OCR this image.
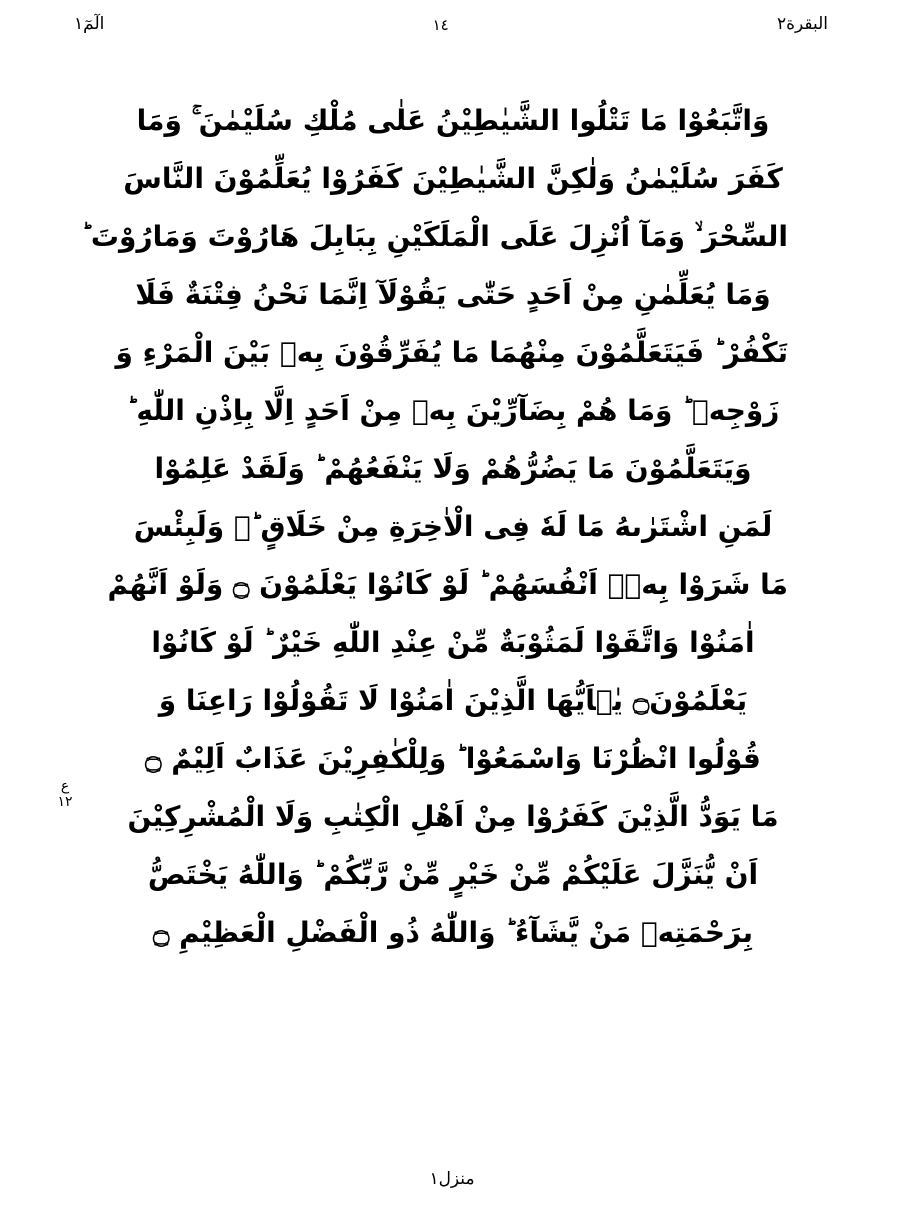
البقرة٢
١٤
الٓمٓ١
وَاتَّبَعُوْا مَا تَتْلُوا الشَّيٰطِيْنُ عَلٰى مُلْكِ سُلَيْمٰنَ ۚ وَمَا
كَفَرَ سُلَيْمٰنُ وَلٰكِنَّ الشَّيٰطِيْنَ كَفَرُوْا يُعَلِّمُوْنَ النَّاسَ
السِّحْرَ ۙ وَمَآ اُنْزِلَ عَلَى الْمَلَكَيْنِ بِبَابِلَ هَارُوْتَ وَمَارُوْتَ ؕ
وَمَا يُعَلِّمٰنِ مِنْ اَحَدٍ حَتّٰى يَقُوْلَآ اِنَّمَا نَحْنُ فِتْنَةٌ فَلَا
تَكْفُرْ ؕ فَيَتَعَلَّمُوْنَ مِنْهُمَا مَا يُفَرِّقُوْنَ بِهٖ بَيْنَ الْمَرْءِ وَ
زَوْجِهٖ ؕ وَمَا هُمْ بِضَآرِّيْنَ بِهٖ مِنْ اَحَدٍ اِلَّا بِاِذْنِ اللّٰهِ ؕ
وَيَتَعَلَّمُوْنَ مَا يَضُرُّهُمْ وَلَا يَنْفَعُهُمْ ؕ وَلَقَدْ عَلِمُوْا
لَمَنِ اشْتَرٰىهُ مَا لَهٗ فِى الْاٰخِرَةِ مِنْ خَلَاقٍ ؕ۫ وَلَبِئْسَ
مَا شَرَوْا بِهٖۤ اَنْفُسَهُمْ ؕ لَوْ كَانُوْا يَعْلَمُوْنَ ۝ وَلَوْ اَنَّهُمْ
اٰمَنُوْا وَاتَّقَوْا لَمَثُوْبَةٌ مِّنْ عِنْدِ اللّٰهِ خَيْرٌ ؕ لَوْ كَانُوْا
يَعْلَمُوْنَ۝ يٰۤاَيُّهَا الَّذِيْنَ اٰمَنُوْا لَا تَقُوْلُوْا رَاعِنَا وَ
قُوْلُوا انْظُرْنَا وَاسْمَعُوْا ؕ وَلِلْكٰفِرِيْنَ عَذَابٌ اَلِيْمٌ ۝
مَا يَوَدُّ الَّذِيْنَ كَفَرُوْا مِنْ اَهْلِ الْكِتٰبِ وَلَا الْمُشْرِكِيْنَ
اَنْ يُّنَزَّلَ عَلَيْكُمْ مِّنْ خَيْرٍ مِّنْ رَّبِّكُمْ ؕ وَاللّٰهُ يَخْتَصُّ
بِرَحْمَتِهٖ مَنْ يَّشَآءُ ؕ وَاللّٰهُ ذُو الْفَضْلِ الْعَظِيْمِ ۝
ع
١٢
منزل١
